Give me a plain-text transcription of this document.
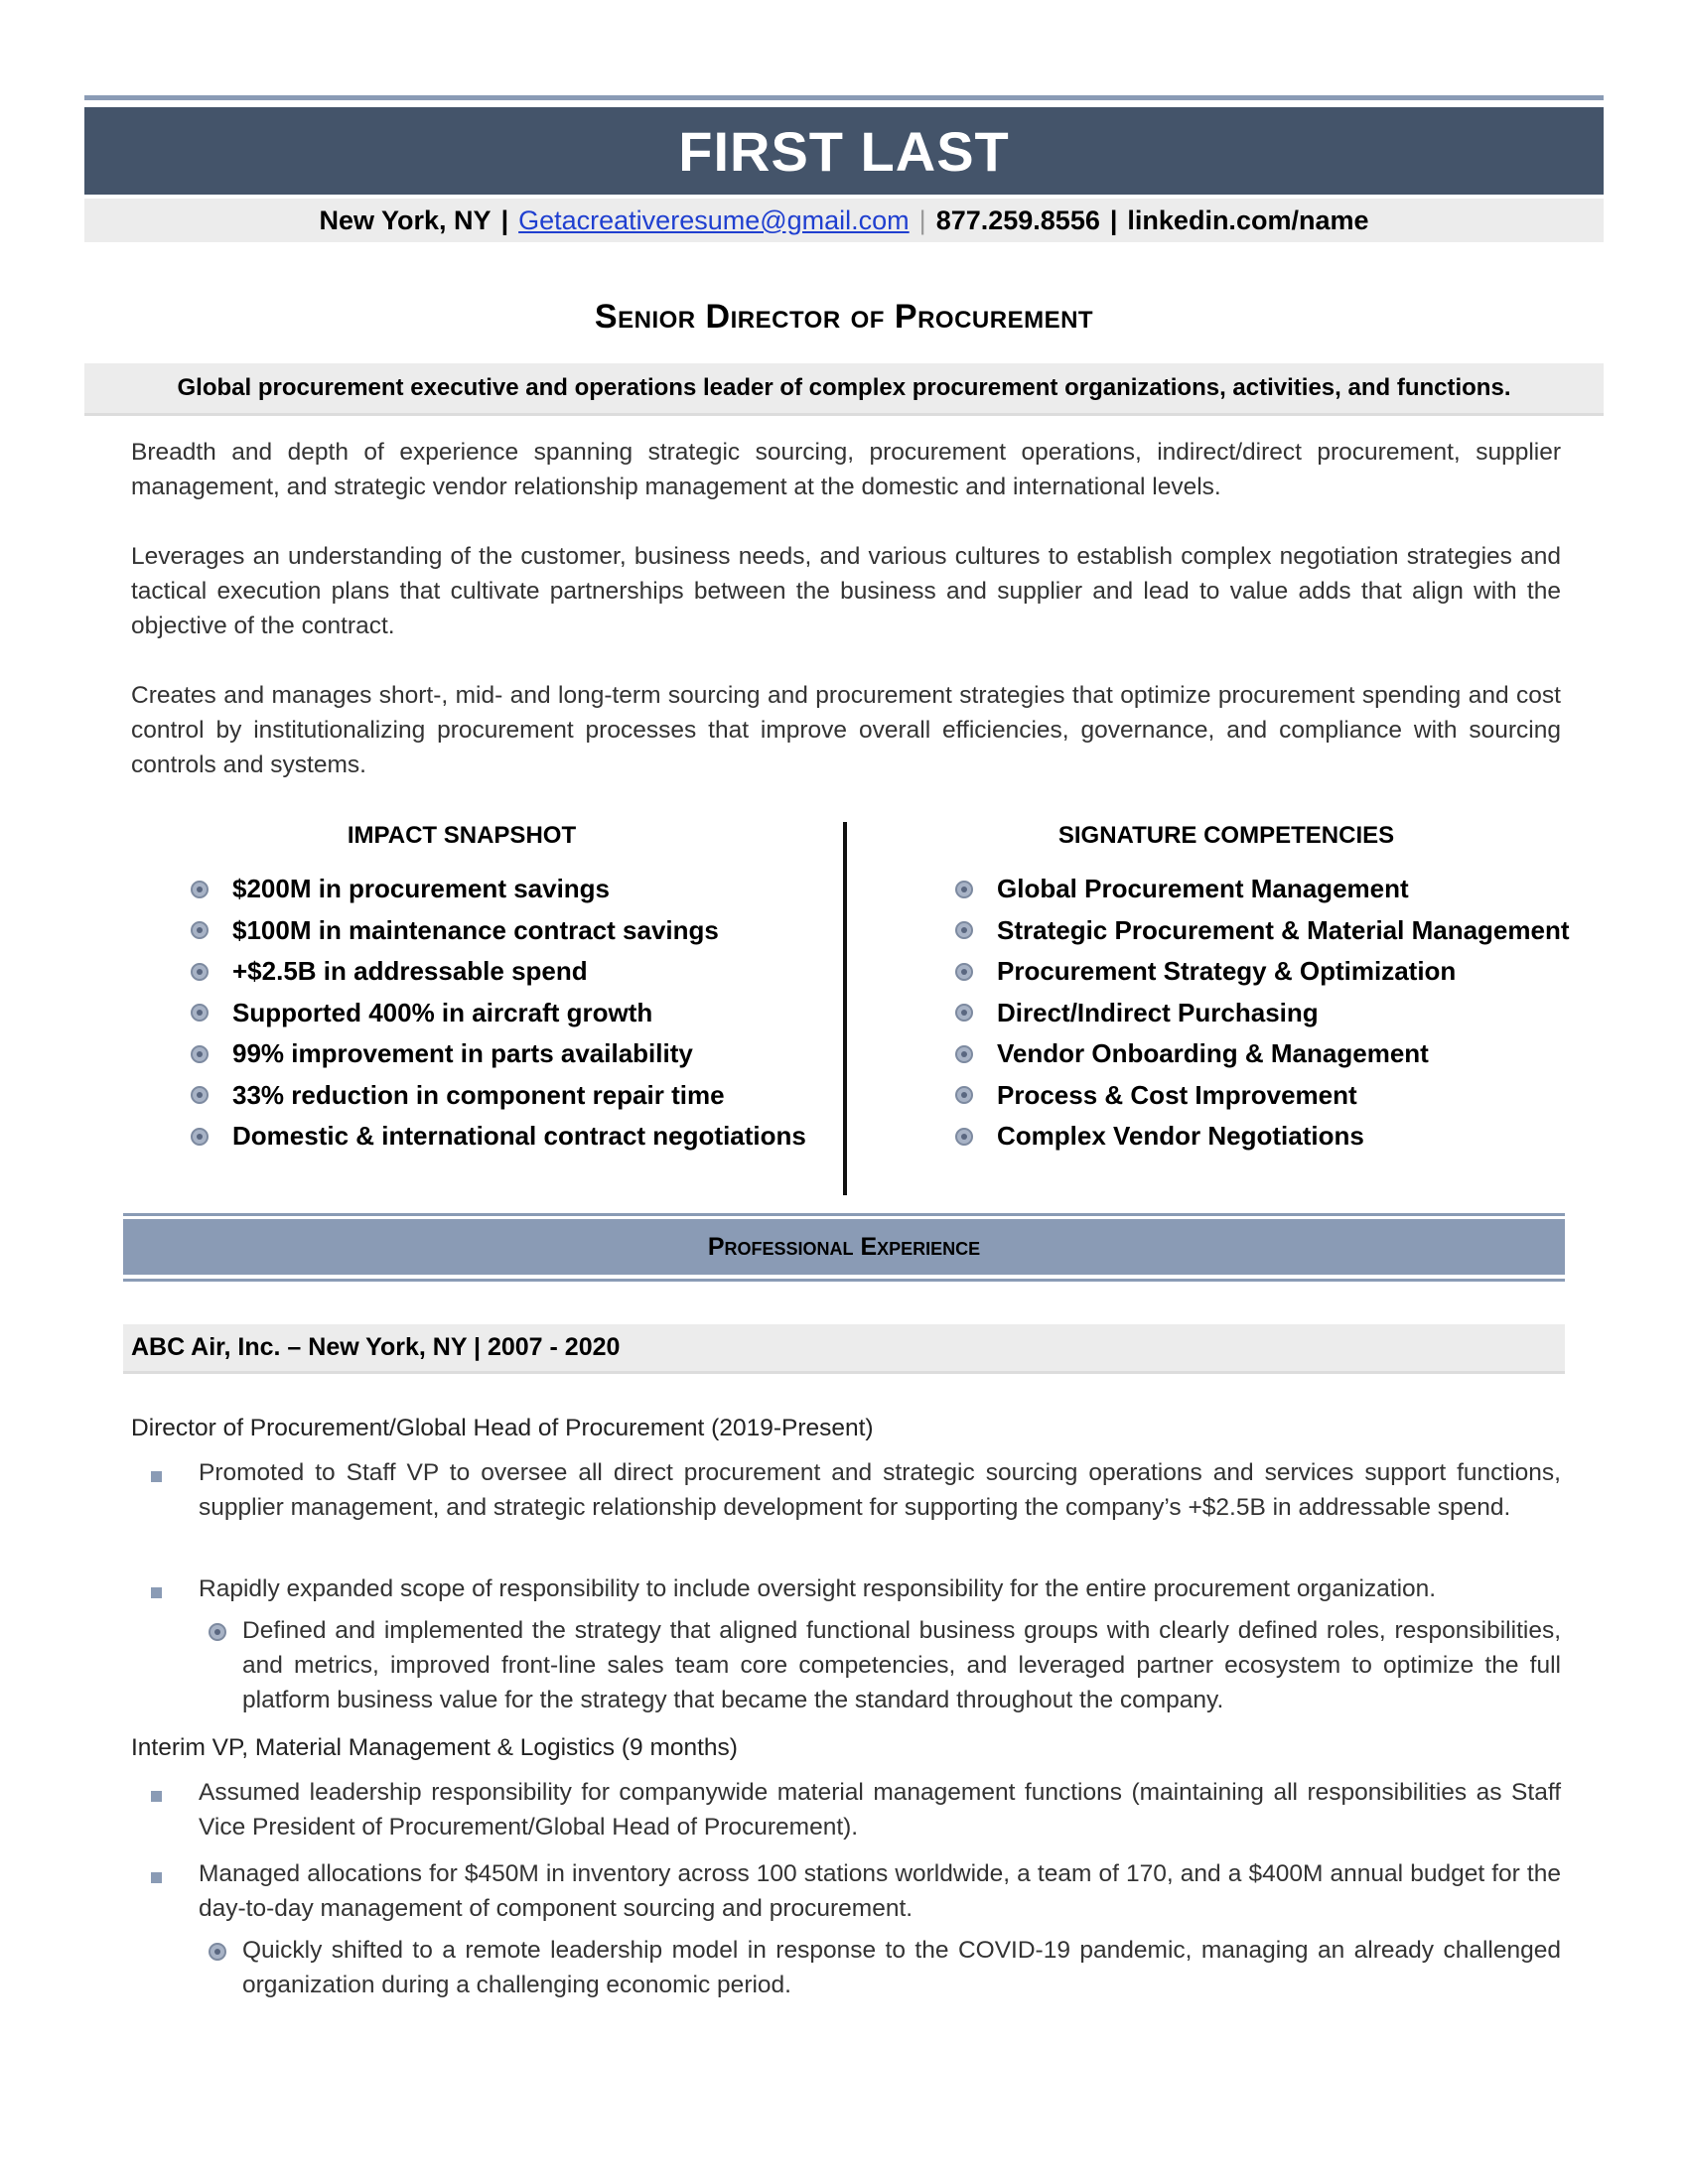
FIRST LAST
New York, NY | Getacreativeresume@gmail.com | 877.259.8556 | linkedin.com/name
Senior Director of Procurement
Global procurement executive and operations leader of complex procurement organizations, activities, and functions.
Breadth and depth of experience spanning strategic sourcing, procurement operations, indirect/direct procurement, supplier management, and strategic vendor relationship management at the domestic and international levels.
Leverages an understanding of the customer, business needs, and various cultures to establish complex negotiation strategies and tactical execution plans that cultivate partnerships between the business and supplier and lead to value adds that align with the objective of the contract.
Creates and manages short-, mid- and long-term sourcing and procurement strategies that optimize procurement spending and cost control by institutionalizing procurement processes that improve overall efficiencies, governance, and compliance with sourcing controls and systems.
IMPACT SNAPSHOT
$200M in procurement savings
$100M in maintenance contract savings
+$2.5B in addressable spend
Supported 400% in aircraft growth
99% improvement in parts availability
33% reduction in component repair time
Domestic & international contract negotiations
SIGNATURE COMPETENCIES
Global Procurement Management
Strategic Procurement & Material Management
Procurement Strategy & Optimization
Direct/Indirect Purchasing
Vendor Onboarding & Management
Process & Cost Improvement
Complex Vendor Negotiations
Professional Experience
ABC Air, Inc. – New York, NY | 2007 - 2020
Director of Procurement/Global Head of Procurement (2019-Present)
Promoted to Staff VP to oversee all direct procurement and strategic sourcing operations and services support functions, supplier management, and strategic relationship development for supporting the company’s +$2.5B in addressable spend.
Rapidly expanded scope of responsibility to include oversight responsibility for the entire procurement organization.
Defined and implemented the strategy that aligned functional business groups with clearly defined roles, responsibilities, and metrics, improved front-line sales team core competencies, and leveraged partner ecosystem to optimize the full platform business value for the strategy that became the standard throughout the company.
Interim VP, Material Management & Logistics (9 months)
Assumed leadership responsibility for companywide material management functions (maintaining all responsibilities as Staff Vice President of Procurement/Global Head of Procurement).
Managed allocations for $450M in inventory across 100 stations worldwide, a team of 170, and a $400M annual budget for the day-to-day management of component sourcing and procurement.
Quickly shifted to a remote leadership model in response to the COVID-19 pandemic, managing an already challenged organization during a challenging economic period.
